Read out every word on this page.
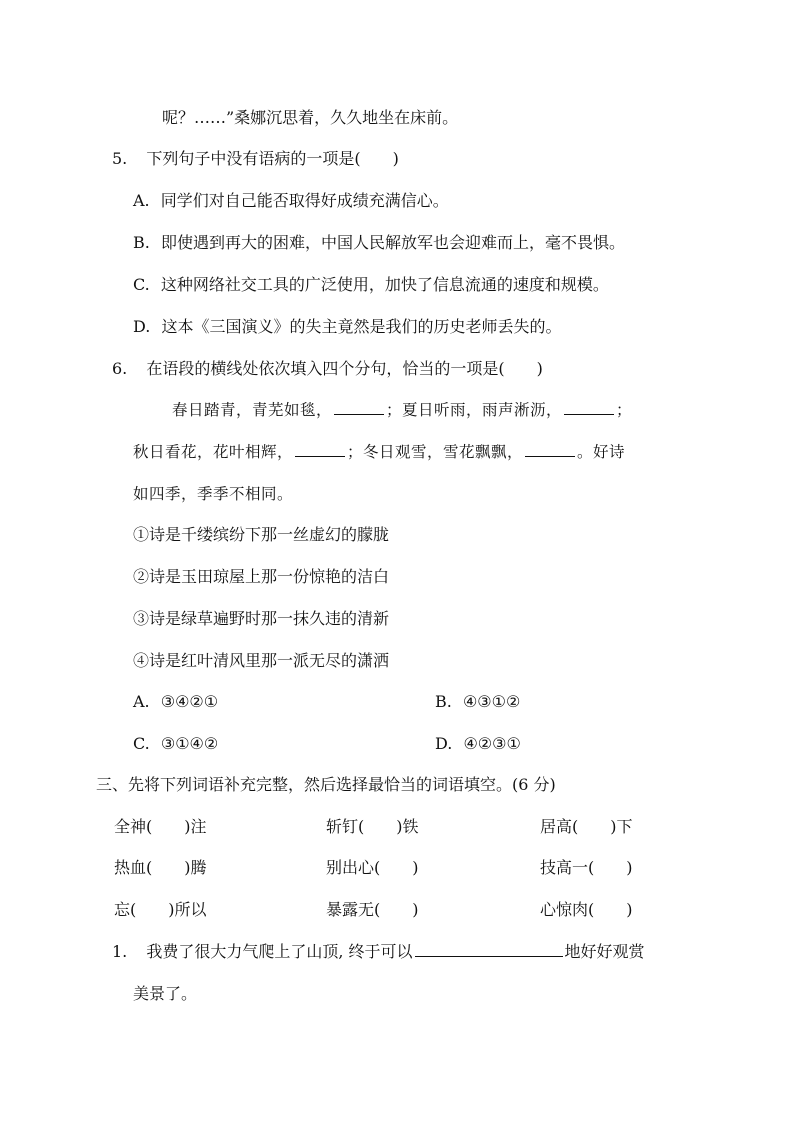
呢？……”桑娜沉思着，久久地坐在床前。
5. 下列句子中没有语病的一项是(　　)
A. 同学们对自己能否取得好成绩充满信心。
B. 即使遇到再大的困难，中国人民解放军也会迎难而上，毫不畏惧。
C. 这种网络社交工具的广泛使用，加快了信息流通的速度和规模。
D. 这本《三国演义》的失主竟然是我们的历史老师丢失的。
6. 在语段的横线处依次填入四个分句，恰当的一项是(　　)
春日踏青，青芜如毯，	；夏日听雨，雨声淅沥，	；
秋日看花，花叶相辉，	；冬日观雪，雪花飘飘，	。好诗
如四季，季季不相同。
①诗是千缕缤纷下那一丝虚幻的朦胧
②诗是玉田琼屋上那一份惊艳的洁白
③诗是绿草遍野时那一抹久违的清新
④诗是红叶清风里那一派无尽的潇洒
A. ③④②①	B. ④③①②
C. ③①④②	D. ④②③①
三、先将下列词语补充完整，然后选择最恰当的词语填空。(6 分)
全神(　　)注	斩钉(　　)铁	居高(　　)下
热血(　　)腾	别出心(　　)	技高一(　　)
忘(　　)所以	暴露无(　　)	心惊肉(　　)
1. 我费了很大力气爬上了山顶, 终于可以	地好好观赏
美景了。
